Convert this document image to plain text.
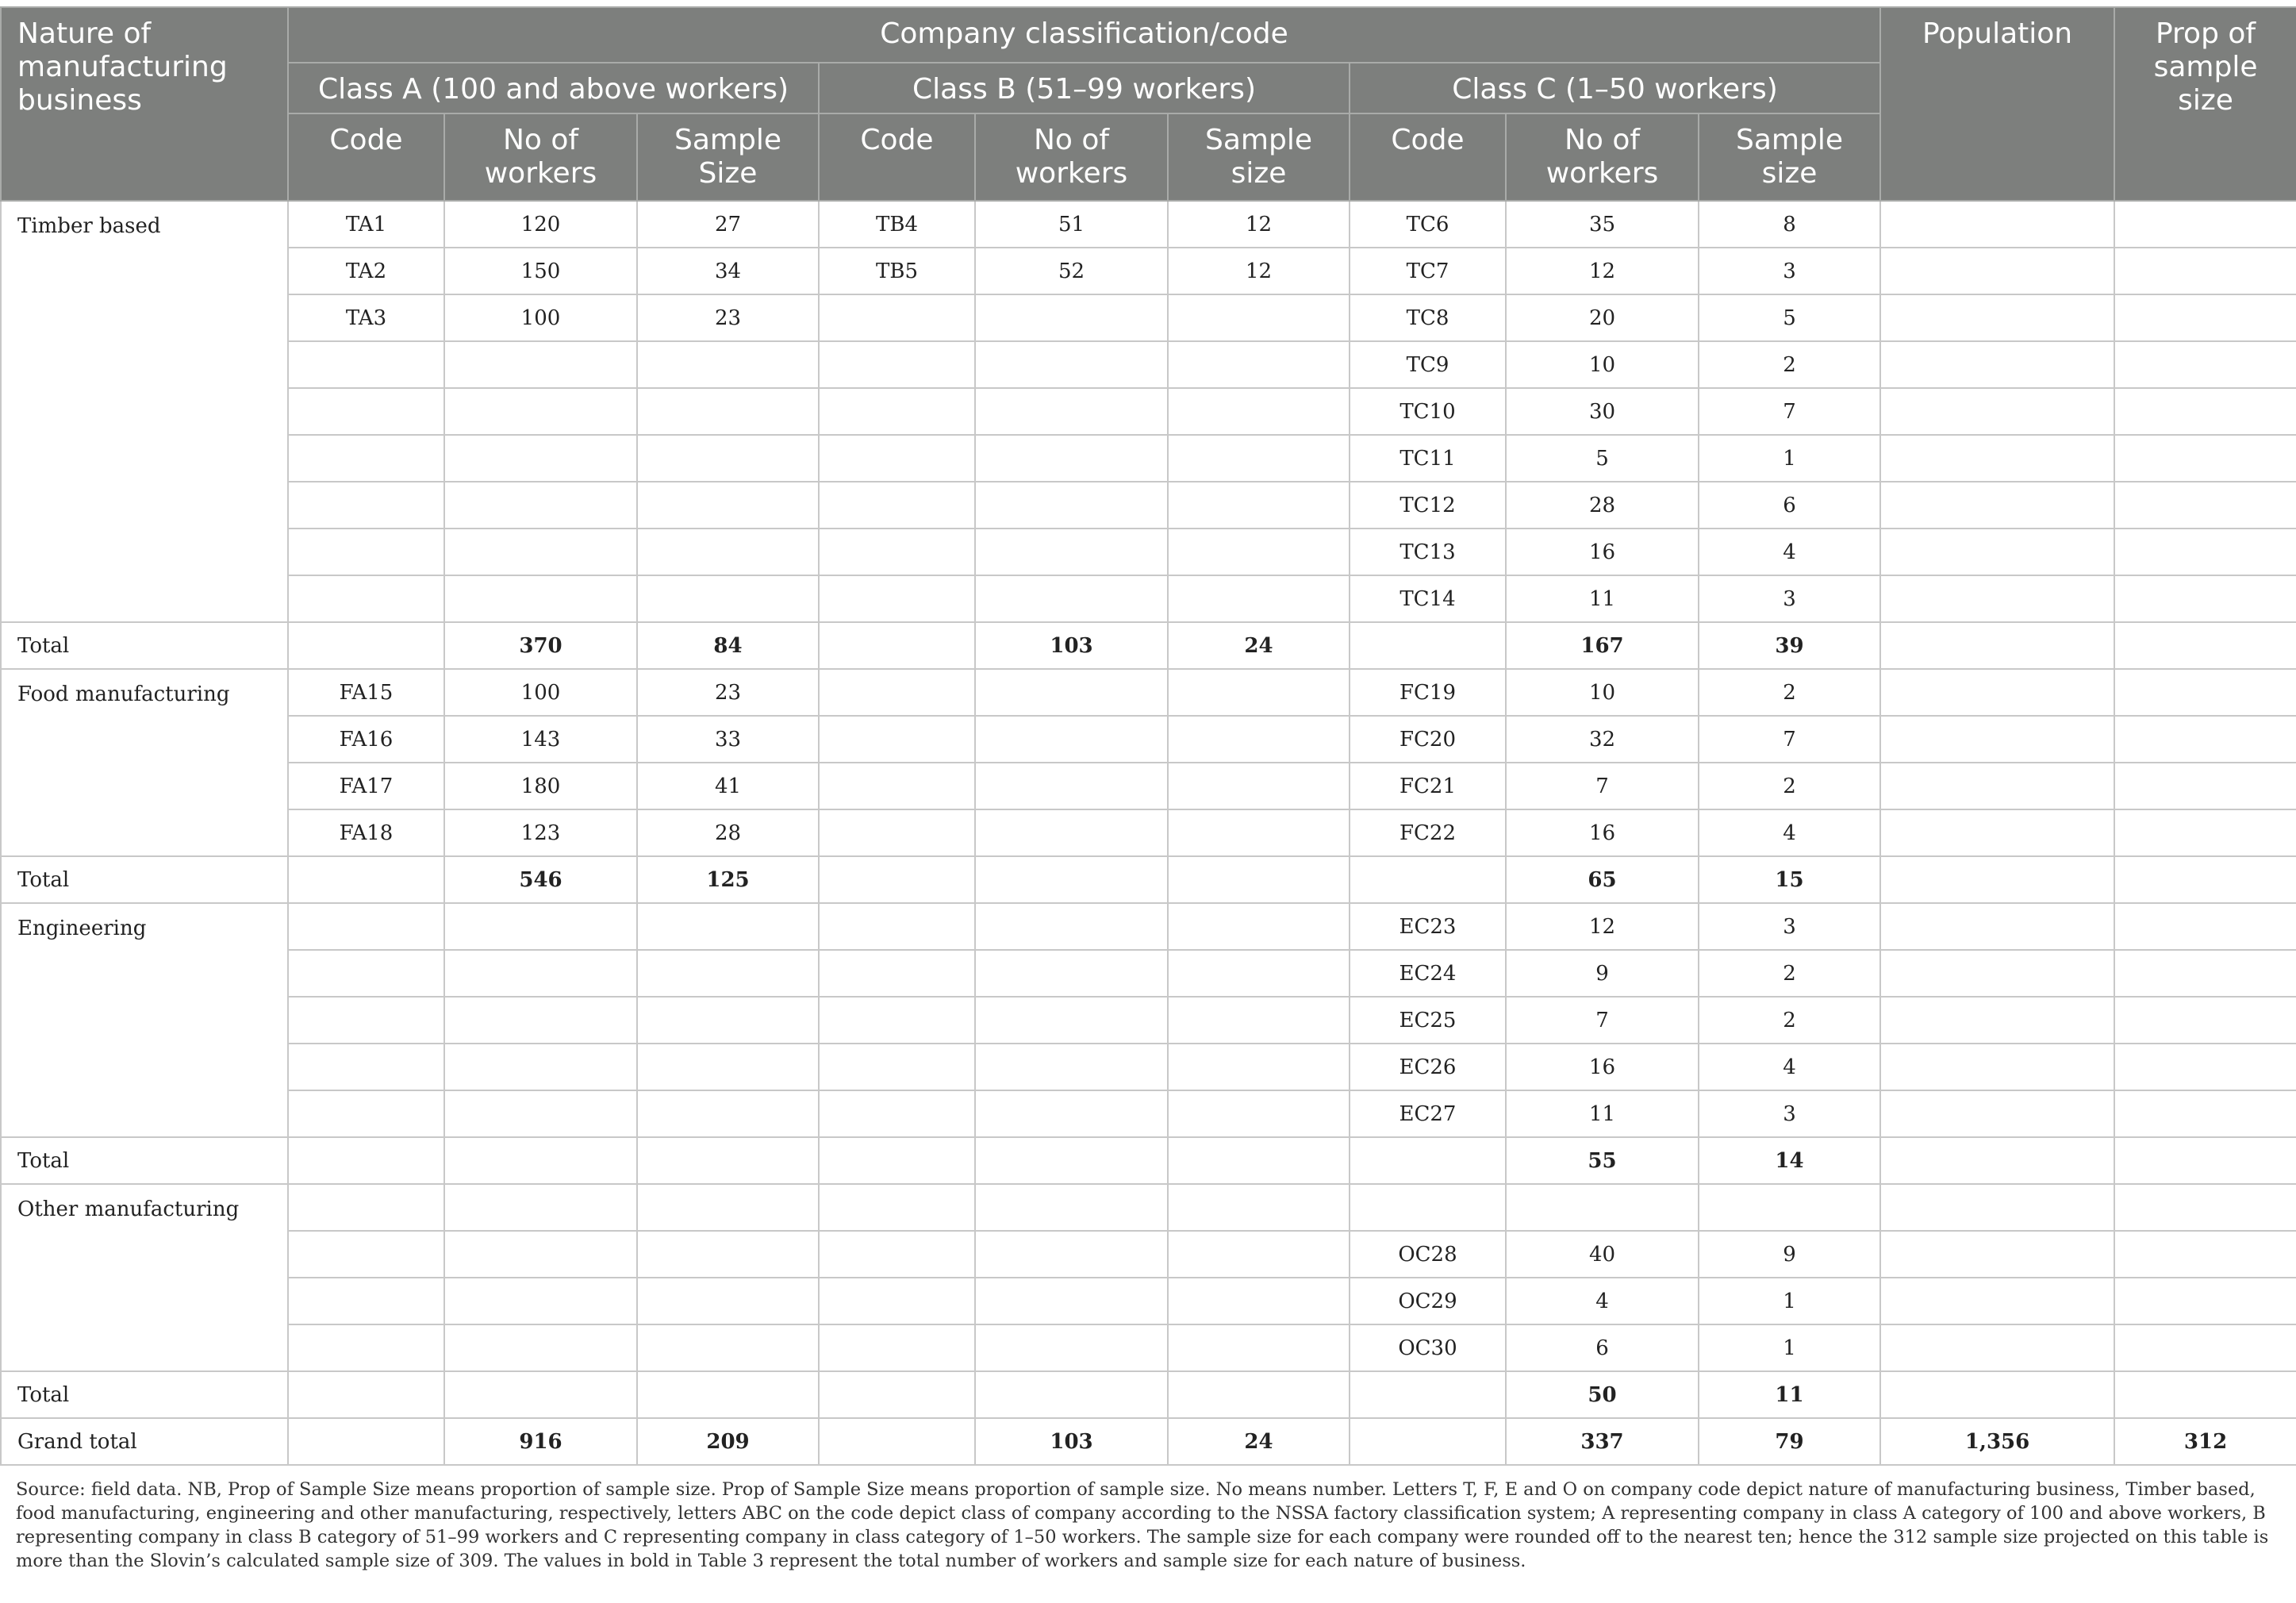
Nature of manufacturing business	Company classification/code									Population	Prop of sample size
	Class A (100 and above workers)			Class B (51–99 workers)			Class C (1–50 workers)				
	Code	No of workers	Sample Size	Code	No of workers	Sample size	Code	No of workers	Sample size		
Timber based	TA1	120	27	TB4	51	12	TC6	35	8		
	TA2	150	34	TB5	52	12	TC7	12	3		
	TA3	100	23				TC8	20	5		
							TC9	10	2		
							TC10	30	7		
							TC11	5	1		
							TC12	28	6		
							TC13	16	4		
							TC14	11	3		
Total		370	84		103	24		167	39		
Food manufacturing	FA15	100	23				FC19	10	2		
	FA16	143	33				FC20	32	7		
	FA17	180	41				FC21	7	2		
	FA18	123	28				FC22	16	4		
Total		546	125					65	15		
Engineering							EC23	12	3		
							EC24	9	2		
							EC25	7	2		
							EC26	16	4		
							EC27	11	3		
Total								55	14		
Other manufacturing											
							OC28	40	9		
							OC29	4	1		
							OC30	6	1		
Total								50	11		
Grand total		916	209		103	24		337	79	1,356	312

Source: field data. NB, Prop of Sample Size means proportion of sample size. Prop of Sample Size means proportion of sample size. No means number. Letters T, F, E and O on company code depict nature of manufacturing business, Timber based, food manufacturing, engineering and other manufacturing, respectively, letters ABC on the code depict class of company according to the NSSA factory classification system; A representing company in class A category of 100 and above workers, B representing company in class B category of 51–99 workers and C representing company in class category of 1–50 workers. The sample size for each company were rounded off to the nearest ten; hence the 312 sample size projected on this table is more than the Slovin’s calculated sample size of 309. The values in bold in Table 3 represent the total number of workers and sample size for each nature of business.
